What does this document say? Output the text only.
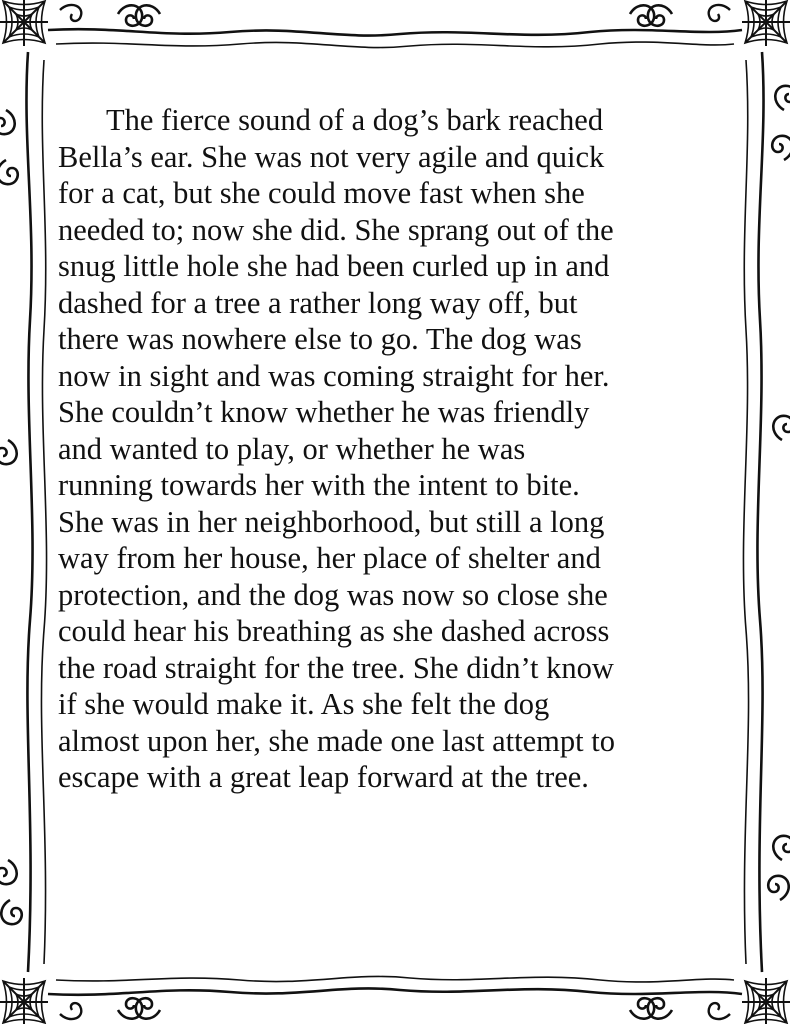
The fierce sound of a dog’s bark reached
Bella’s ear. She was not very agile and quick
for a cat, but she could move fast when she
needed to; now she did. She sprang out of the
snug little hole she had been curled up in and
dashed for a tree a rather long way off, but
there was nowhere else to go. The dog was
now in sight and was coming straight for her.
She couldn’t know whether he was friendly
and wanted to play, or whether he was
running towards her with the intent to bite.
She was in her neighborhood, but still a long
way from her house, her place of shelter and
protection, and the dog was now so close she
could hear his breathing as she dashed across
the road straight for the tree. She didn’t know
if she would make it. As she felt the dog
almost upon her, she made one last attempt to
escape with a great leap forward at the tree.
